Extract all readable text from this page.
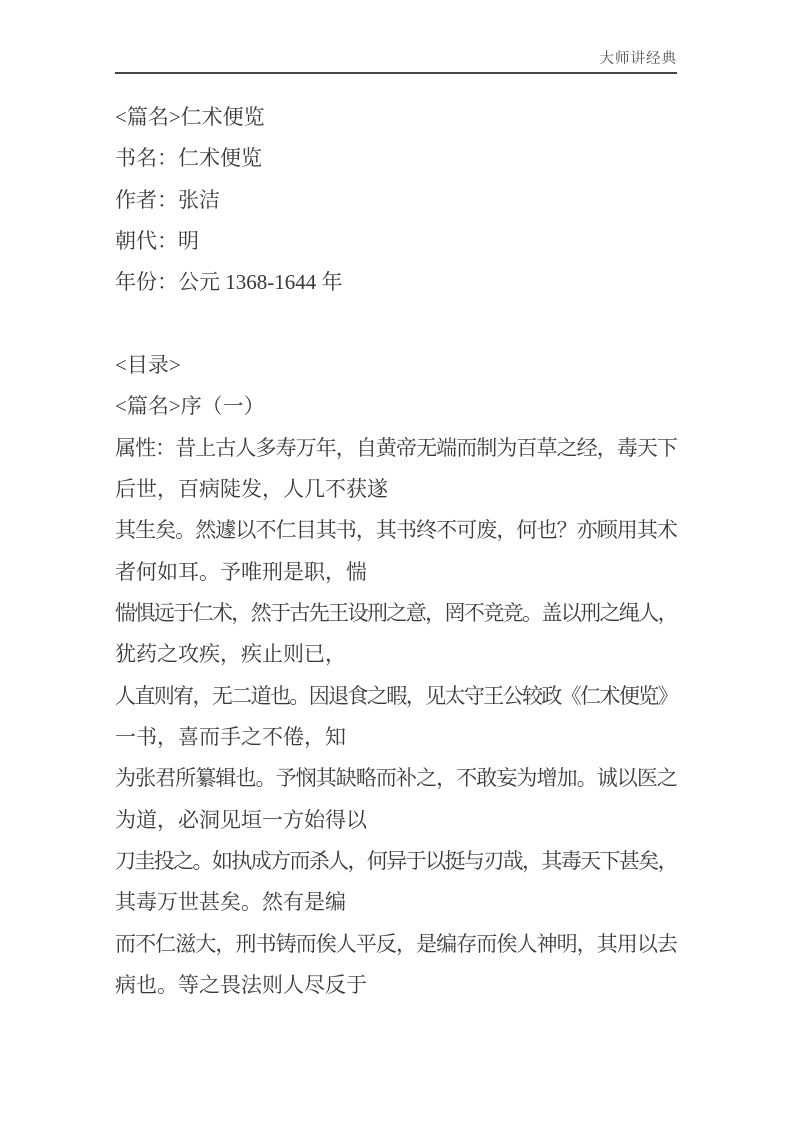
大师讲经典
<篇名>仁术便览
书名：仁术便览
作者：张洁
朝代：明
年份：公元 1368-1644 年
<目录>
<篇名>序（一）
属性：昔上古人多寿万年，自黄帝无端而制为百草之经，毒天下
后世，百病陡发，人几不获遂
其生矣。然遽以不仁目其书，其书终不可废，何也？亦顾用其术
者何如耳。予唯刑是职，惴
惴惧远于仁术，然于古先王设刑之意，罔不竞竞。盖以刑之绳人，
犹药之攻疾，疾止则已，
人直则宥，无二道也。因退食之暇，见太守王公较政《仁术便览》
一书，喜而手之不倦，知
为张君所纂辑也。予悯其缺略而补之，不敢妄为增加。诚以医之
为道，必洞见垣一方始得以
刀圭投之。如执成方而杀人，何异于以挺与刃哉，其毒天下甚矣，
其毒万世甚矣。然有是编
而不仁滋大，刑书铸而俟人平反，是编存而俟人神明，其用以去
病也。等之畏法则人尽反于
